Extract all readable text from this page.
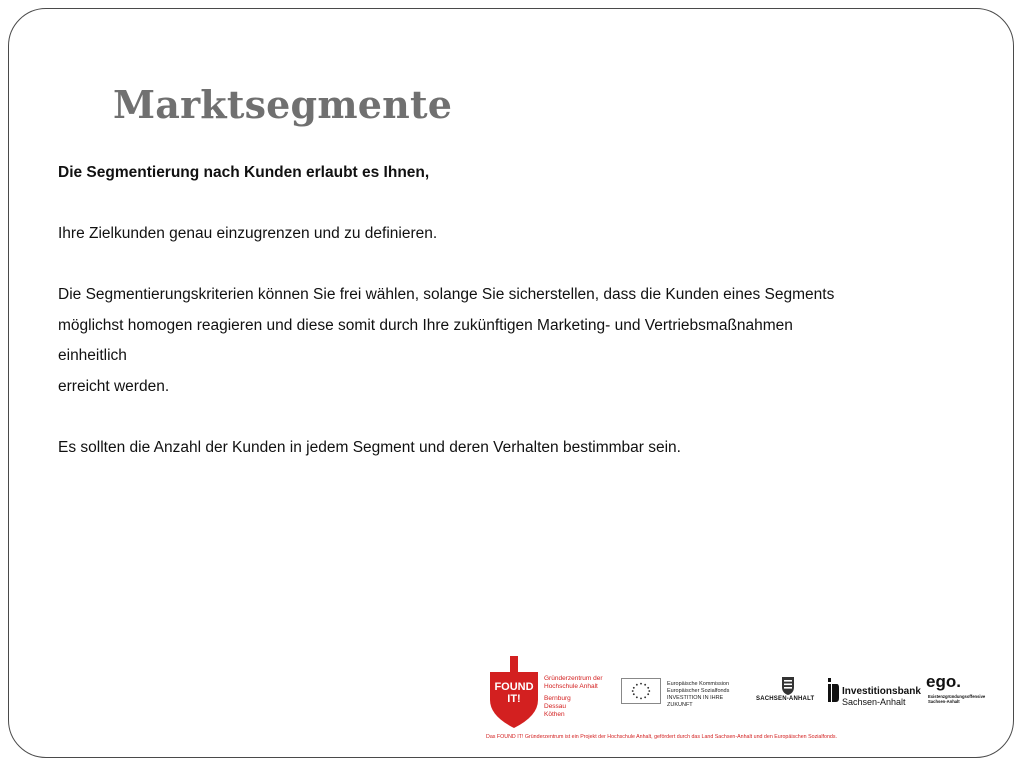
Marktsegmente

Die Segmentierung nach Kunden erlaubt es Ihnen,

Ihre Zielkunden genau einzugrenzen und zu definieren.

Die Segmentierungskriterien können Sie frei wählen, solange Sie sicherstellen, dass die Kunden eines Segments

möglichst homogen reagieren und diese somit durch Ihre zukünftigen Marketing- und Vertriebsmaßnahmen

einheitlich

erreicht werden.

Es sollten die Anzahl der Kunden in jedem Segment und deren Verhalten bestimmbar sein.

FOUND
IT!
Gründerzentrum der
Hochschule Anhalt
Bernburg
Dessau
Köthen
Europäische Kommission
Europäischer Sozialfonds
INVESTITION IN IHRE ZUKUNFT
SACHSEN-ANHALT
Investitionsbank
Sachsen-Anhalt
ego.
Existenzgründungsoffensive
Sachsen-Anhalt
Das FOUND IT! Gründerzentrum ist ein Projekt der Hochschule Anhalt, gefördert durch das Land Sachsen-Anhalt und den Europäischen Sozialfonds.
